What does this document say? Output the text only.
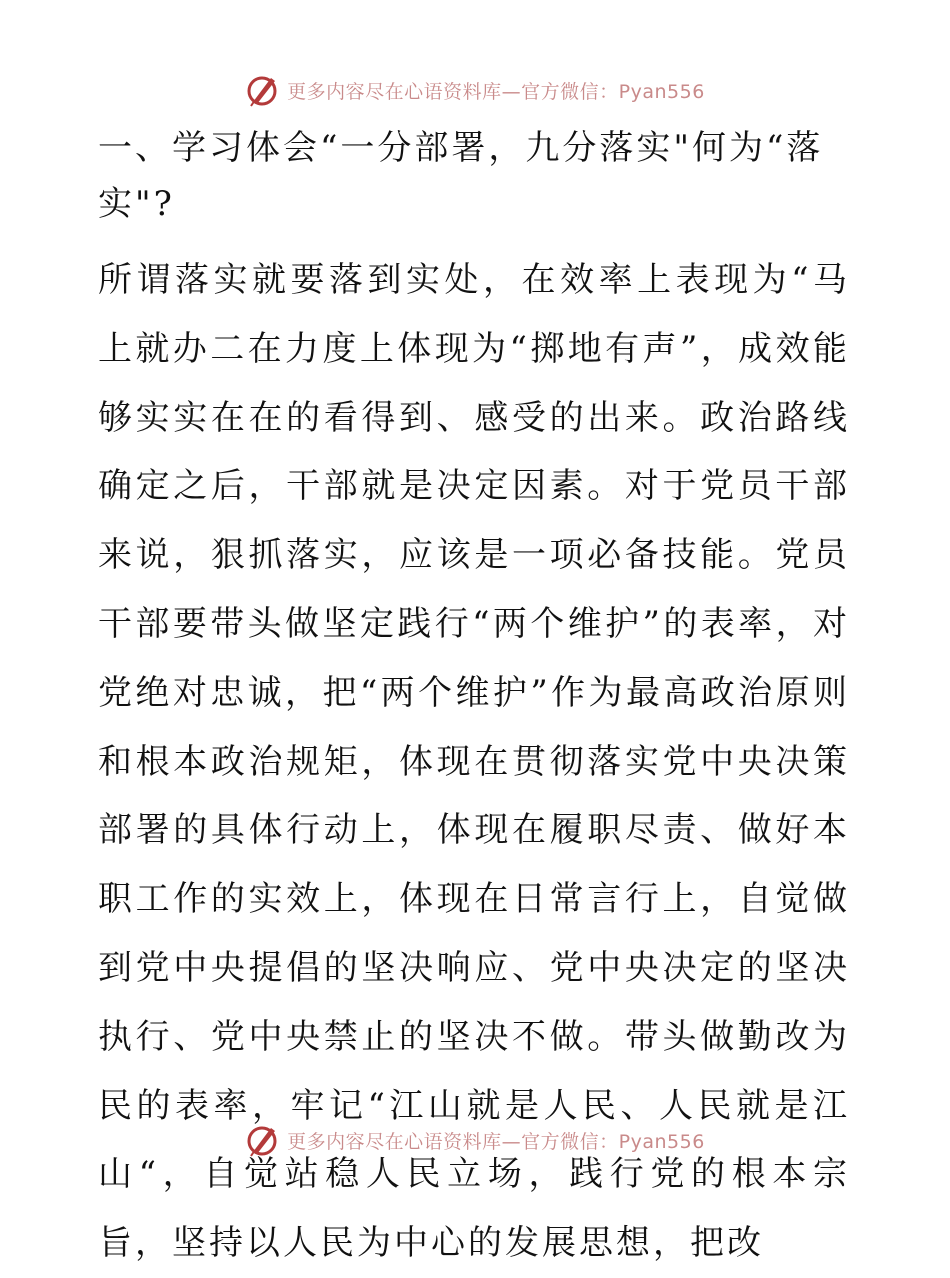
更多内容尽在心语资料库—官方微信：Pyan556
一、学习体会“一分部署，九分落实"何为“落实"?

所谓落实就要落到实处，在效率上表现为“马上就办二在力度上体现为“掷地有声”，成效能够实实在在的看得到、感受的出来。政治路线确定之后，干部就是决定因素。对于党员干部来说，狠抓落实，应该是一项必备技能。党员干部要带头做坚定践行“两个维护”的表率，对党绝对忠诚，把“两个维护”作为最高政治原则和根本政治规矩，体现在贯彻落实党中央决策部署的具体行动上，体现在履职尽责、做好本职工作的实效上，体现在日常言行上，自觉做到党中央提倡的坚决响应、党中央决定的坚决执行、党中央禁止的坚决不做。带头做勤改为民的表率，牢记“江山就是人民、人民就是江山“，自觉站稳人民立场，践行党的根本宗旨，坚持以人民为中心的发展思想，把改

更多内容尽在心语资料库—官方微信：Pyan556
